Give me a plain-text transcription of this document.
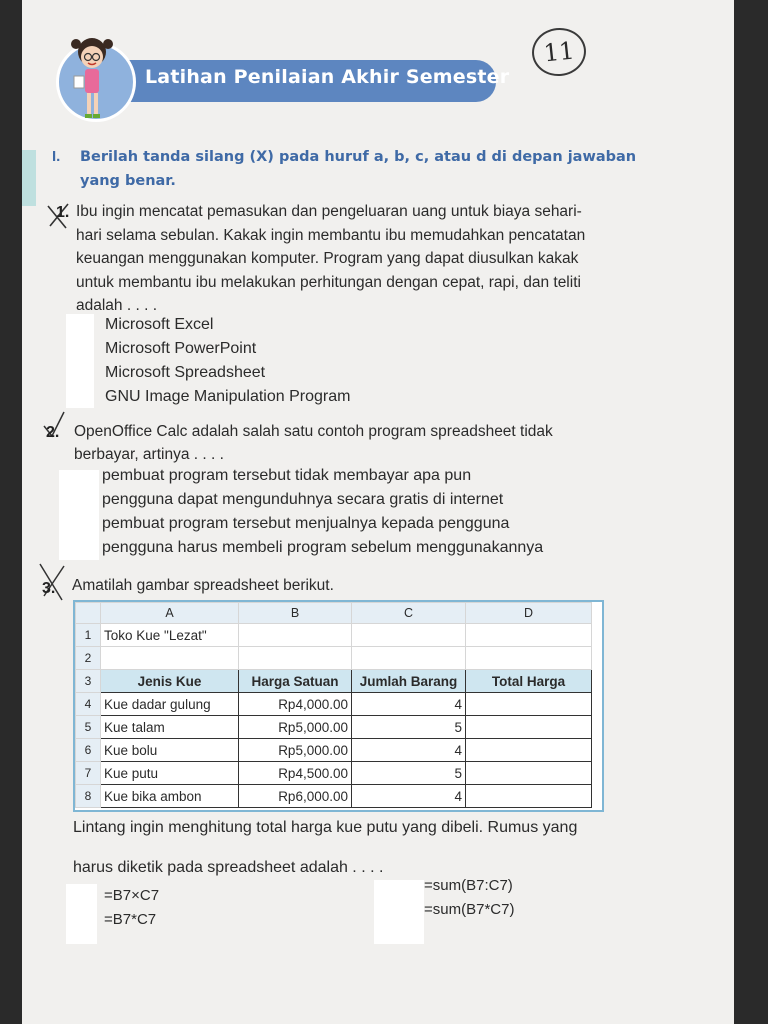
Latihan Penilaian Akhir Semester
11
I. Berilah tanda silang (X) pada huruf a, b, c, atau d di depan jawaban yang benar.
1. Ibu ingin mencatat pemasukan dan pengeluaran uang untuk biaya sehari-
hari selama sebulan. Kakak ingin membantu ibu memudahkan pencatatan
keuangan menggunakan komputer. Program yang dapat diusulkan kakak
untuk membantu ibu melakukan perhitungan dengan cepat, rapi, dan teliti
adalah . . . .
Microsoft Excel
Microsoft PowerPoint
Microsoft Spreadsheet
GNU Image Manipulation Program
2. OpenOffice Calc adalah salah satu contoh program spreadsheet tidak
berbayar, artinya . . . .
pembuat program tersebut tidak membayar apa pun
pengguna dapat mengunduhnya secara gratis di internet
pembuat program tersebut menjualnya kepada pengguna
pengguna harus membeli program sebelum menggunakannya
3. Amatilah gambar spreadsheet berikut.
	A	B	C	D
1	Toko Kue "Lezat"			
2				
3	Jenis Kue	Harga Satuan	Jumlah Barang	Total Harga
4	Kue dadar gulung	Rp4,000.00	4	
5	Kue talam	Rp5,000.00	5	
6	Kue bolu	Rp5,000.00	4	
7	Kue putu	Rp4,500.00	5	
8	Kue bika ambon	Rp6,000.00	4	
Lintang ingin menghitung total harga kue putu yang dibeli. Rumus yang
harus diketik pada spreadsheet adalah . . . .
=B7×C7
=B7*C7
=sum(B7:C7)
=sum(B7*C7)
